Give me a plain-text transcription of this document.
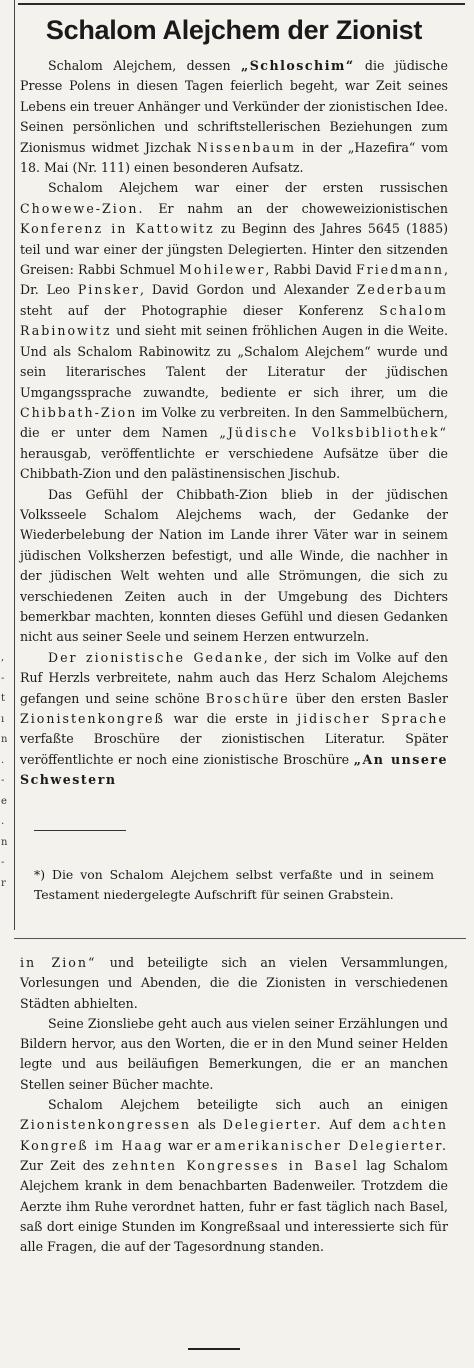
,
-
t
ı
n
.
-
e
.
n
-
r
Schalom Alejchem der Zionist

Schalom Alejchem, dessen „Schloschim“ die jüdische Presse Polens in diesen Tagen feierlich begeht, war Zeit seines Lebens ein treuer Anhänger und Verkünder der zionistischen Idee. Seinen persönlichen und schriftstellerischen Beziehungen zum Zionismus widmet Jizchak Nissenbaum in der „Hazefira“ vom 18. Mai (Nr. 111) einen besonderen Aufsatz.

Schalom Alejchem war einer der ersten russischen Chowewe-Zion. Er nahm an der choweweizionistischen Konferenz in Kattowitz zu Beginn des Jahres 5645 (1885) teil und war einer der jüngsten Delegierten. Hinter den sitzenden Greisen: Rabbi Schmuel Mohilewer, Rabbi David Friedmann, Dr. Leo Pinsker, David Gordon und Alexander Zederbaum steht auf der Photographie dieser Konferenz Schalom Rabinowitz und sieht mit seinen fröhlichen Augen in die Weite. Und als Schalom Rabinowitz zu „Schalom Alejchem“ wurde und sein literarisches Talent der Literatur der jüdischen Umgangssprache zuwandte, bediente er sich ihrer, um die Chibbath-Zion im Volke zu verbreiten. In den Sammelbüchern, die er unter dem Namen „Jüdische Volksbibliothek“ herausgab, veröffentlichte er verschiedene Aufsätze über die Chibbath-Zion und den palästinensischen Jischub.

Das Gefühl der Chibbath-Zion blieb in der jüdischen Volksseele Schalom Alejchems wach, der Gedanke der Wiederbelebung der Nation im Lande ihrer Väter war in seinem jüdischen Volksherzen befestigt, und alle Winde, die nachher in der jüdischen Welt wehten und alle Strömungen, die sich zu verschiedenen Zeiten auch in der Umgebung des Dichters bemerkbar machten, konnten dieses Gefühl und diesen Gedanken nicht aus seiner Seele und seinem Herzen entwurzeln.

Der zionistische Gedanke, der sich im Volke auf den Ruf Herzls verbreitete, nahm auch das Herz Schalom Alejchems gefangen und seine schöne Broschüre über den ersten Basler Zionistenkongreß war die erste in jidischer Sprache verfaßte Broschüre der zionistischen Literatur. Später veröffentlichte er noch eine zionistische Broschüre „An unsere Schwestern

*) Die von Schalom Alejchem selbst verfaßte und in seinem Testament niedergelegte Aufschrift für seinen Grabstein.

in Zion“ und beteiligte sich an vielen Versammlungen, Vorlesungen und Abenden, die die Zionisten in verschiedenen Städten abhielten.

Seine Zionsliebe geht auch aus vielen seiner Erzählungen und Bildern hervor, aus den Worten, die er in den Mund seiner Helden legte und aus beiläufigen Bemerkungen, die er an manchen Stellen seiner Bücher machte.

Schalom Alejchem beteiligte sich auch an einigen Zionistenkongressen als Delegierter. Auf dem achten Kongreß im Haag war er amerikanischer Delegierter. Zur Zeit des zehnten Kongresses in Basel lag Schalom Alejchem krank in dem benachbarten Badenweiler. Trotzdem die Aerzte ihm Ruhe verordnet hatten, fuhr er fast täglich nach Basel, saß dort einige Stunden im Kongreßsaal und interessierte sich für alle Fragen, die auf der Tagesordnung standen.
